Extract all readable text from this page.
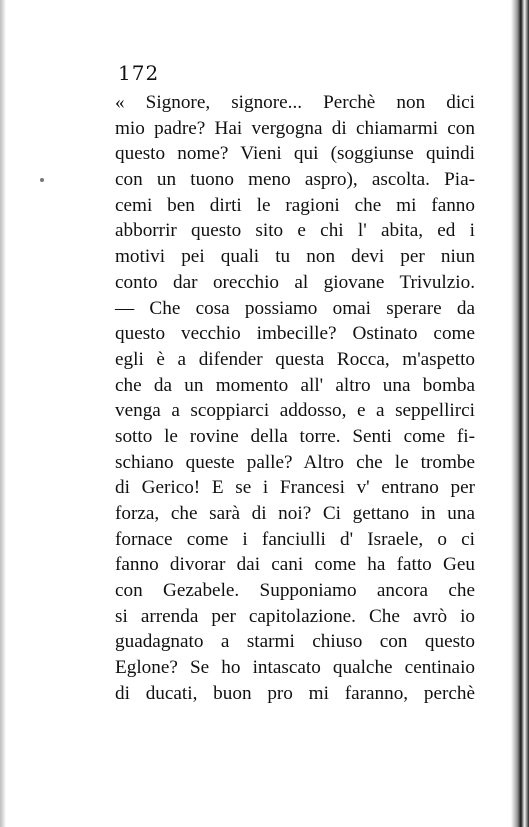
172
« Signore, signore... Perchè non dici
mio padre? Hai vergogna di chiamarmi con
questo nome? Vieni qui (soggiunse quindi
con un tuono meno aspro), ascolta. Pia-
cemi ben dirti le ragioni che mi fanno
abborrir questo sito e chi l' abita, ed i
motivi pei quali tu non devi per niun
conto dar orecchio al giovane Trivulzio.
— Che cosa possiamo omai sperare da
questo vecchio imbecille? Ostinato come
egli è a difender questa Rocca, m'aspetto
che da un momento all' altro una bomba
venga a scoppiarci addosso, e a seppellirci
sotto le rovine della torre. Senti come fi-
schiano queste palle? Altro che le trombe
di Gerico! E se i Francesi v' entrano per
forza, che sarà di noi? Ci gettano in una
fornace come i fanciulli d' Israele, o ci
fanno divorar dai cani come ha fatto Geu
con Gezabele. Supponiamo ancora che
si arrenda per capitolazione. Che avrò io
guadagnato a starmi chiuso con questo
Eglone? Se ho intascato qualche centinaio
di ducati, buon pro mi faranno, perchè
